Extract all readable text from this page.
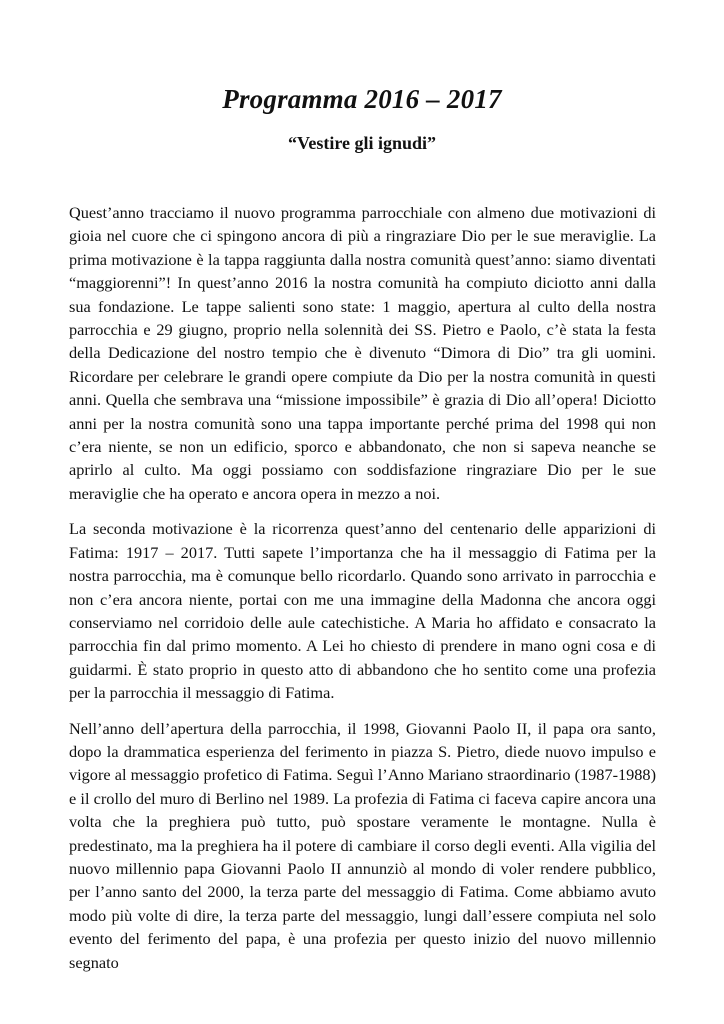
Programma 2016 – 2017
“Vestire gli ignudi”

Quest’anno tracciamo il nuovo programma parrocchiale con almeno due motivazioni di gioia nel cuore che ci spingono ancora di più a ringraziare Dio per le sue meraviglie. La prima motivazione è la tappa raggiunta dalla nostra comunità quest’anno: siamo diventati “maggiorenni”! In quest’anno 2016 la nostra comunità ha compiuto diciotto anni dalla sua fondazione. Le tappe salienti sono state: 1 maggio, apertura al culto della nostra parrocchia e 29 giugno, proprio nella solennità dei SS. Pietro e Paolo, c’è stata la festa della Dedicazione del nostro tempio che è divenuto “Dimora di Dio” tra gli uomini. Ricordare per celebrare le grandi opere compiute da Dio per la nostra comunità in questi anni. Quella che sembrava una “missione impossibile” è grazia di Dio all’opera! Diciotto anni per la nostra comunità sono una tappa importante perché prima del 1998 qui non c’era niente, se non un edificio, sporco e abbandonato, che non si sapeva neanche se aprirlo al culto. Ma oggi possiamo con soddisfazione ringraziare Dio per le sue meraviglie che ha operato e ancora opera in mezzo a noi.

La seconda motivazione è la ricorrenza quest’anno del centenario delle apparizioni di Fatima: 1917 – 2017. Tutti sapete l’importanza che ha il messaggio di Fatima per la nostra parrocchia, ma è comunque bello ricordarlo. Quando sono arrivato in parrocchia e non c’era ancora niente, portai con me una immagine della Madonna che ancora oggi conserviamo nel corridoio delle aule catechistiche. A Maria ho affidato e consacrato la parrocchia fin dal primo momento. A Lei ho chiesto di prendere in mano ogni cosa e di guidarmi. È stato proprio in questo atto di abbandono che ho sentito come una profezia per la parrocchia il messaggio di Fatima.

Nell’anno dell’apertura della parrocchia, il 1998, Giovanni Paolo II, il papa ora santo, dopo la drammatica esperienza del ferimento in piazza S. Pietro, diede nuovo impulso e vigore al messaggio profetico di Fatima. Seguì l’Anno Mariano straordinario (1987-1988) e il crollo del muro di Berlino nel 1989. La profezia di Fatima ci faceva capire ancora una volta che la preghiera può tutto, può spostare veramente le montagne. Nulla è predestinato, ma la preghiera ha il potere di cambiare il corso degli eventi. Alla vigilia del nuovo millennio papa Giovanni Paolo II annunziò al mondo di voler rendere pubblico, per l’anno santo del 2000, la terza parte del messaggio di Fatima. Come abbiamo avuto modo più volte di dire, la terza parte del messaggio, lungi dall’essere compiuta nel solo evento del ferimento del papa, è una profezia per questo inizio del nuovo millennio segnato
